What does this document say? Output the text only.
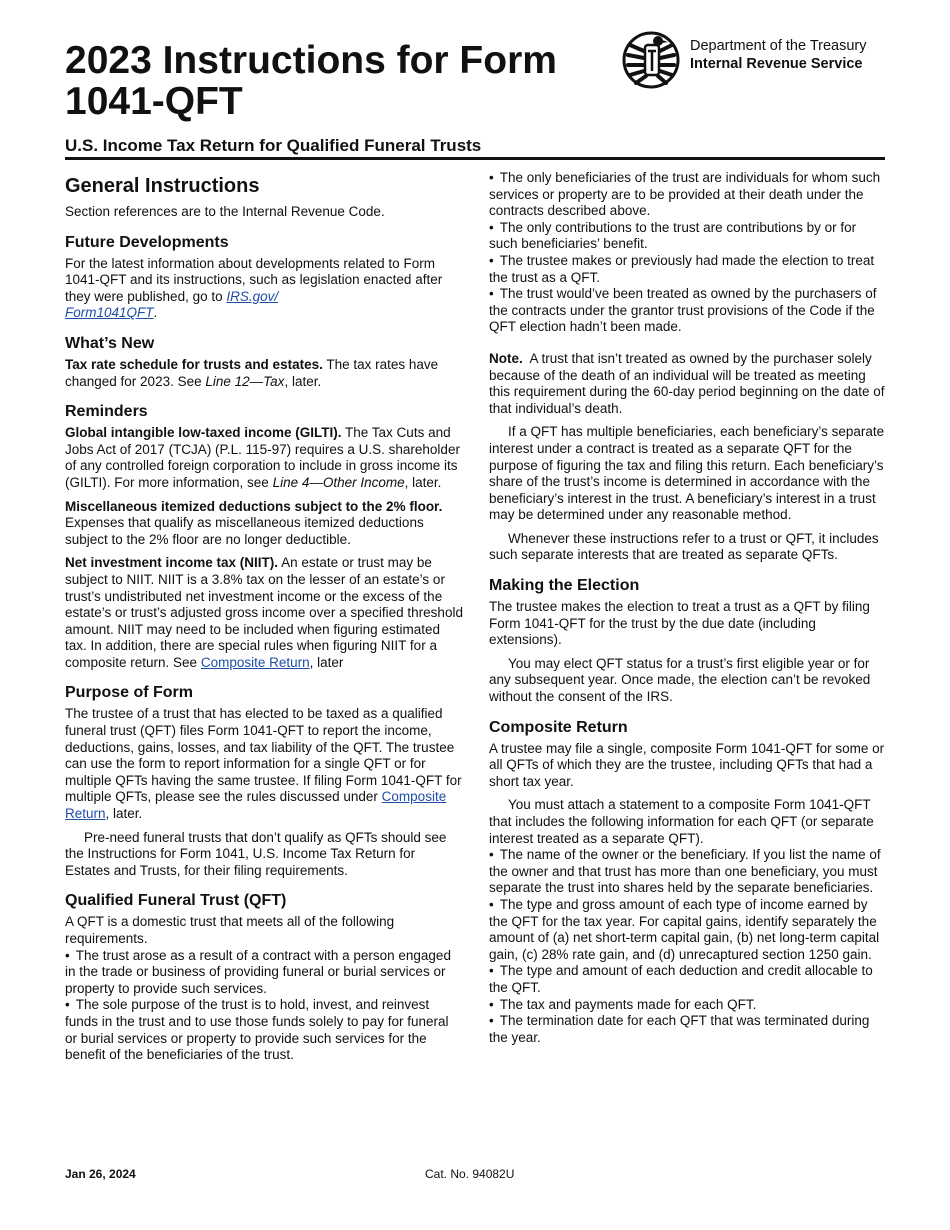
2023 Instructions for Form
1041-QFT
Department of the Treasury
Internal Revenue Service
U.S. Income Tax Return for Qualified Funeral Trusts
General Instructions

Section references are to the Internal Revenue Code.

Future Developments

For the latest information about developments related to Form 1041-QFT and its instructions, such as legislation enacted after they were published, go to IRS.gov/
Form1041QFT.

What’s New

Tax rate schedule for trusts and estates. The tax rates have changed for 2023. See Line 12—Tax, later.

Reminders

Global intangible low-taxed income (GILTI). The Tax Cuts and Jobs Act of 2017 (TCJA) (P.L. 115-97) requires a U.S. shareholder of any controlled foreign corporation to include in gross income its (GILTI). For more information, see Line 4—Other Income, later.

Miscellaneous itemized deductions subject to the 2% floor. Expenses that qualify as miscellaneous itemized deductions subject to the 2% floor are no longer deductible.

Net investment income tax (NIIT). An estate or trust may be subject to NIIT. NIIT is a 3.8% tax on the lesser of an estate’s or trust’s undistributed net investment income or the excess of the estate’s or trust’s adjusted gross income over a specified threshold amount. NIIT may need to be included when figuring estimated tax. In addition, there are special rules when figuring NIIT for a composite return. See Composite Return, later

Purpose of Form

The trustee of a trust that has elected to be taxed as a qualified funeral trust (QFT) files Form 1041-QFT to report the income, deductions, gains, losses, and tax liability of the QFT. The trustee can use the form to report information for a single QFT or for multiple QFTs having the same trustee. If filing Form 1041-QFT for multiple QFTs, please see the rules discussed under Composite Return, later.

Pre-need funeral trusts that don’t qualify as QFTs should see the Instructions for Form 1041, U.S. Income Tax Return for Estates and Trusts, for their filing requirements.

Qualified Funeral Trust (QFT)

A QFT is a domestic trust that meets all of the following requirements.

• The trust arose as a result of a contract with a person engaged in the trade or business of providing funeral or burial services or property to provide such services.

• The sole purpose of the trust is to hold, invest, and reinvest funds in the trust and to use those funds solely to pay for funeral or burial services or property to provide such services for the benefit of the beneficiaries of the trust.

• The only beneficiaries of the trust are individuals for whom such services or property are to be provided at their death under the contracts described above.

• The only contributions to the trust are contributions by or for such beneficiaries’ benefit.

• The trustee makes or previously had made the election to treat the trust as a QFT.

• The trust would’ve been treated as owned by the purchasers of the contracts under the grantor trust provisions of the Code if the QFT election hadn’t been made.

Note. A trust that isn’t treated as owned by the purchaser solely because of the death of an individual will be treated as meeting this requirement during the 60-day period beginning on the date of that individual’s death.

If a QFT has multiple beneficiaries, each beneficiary’s separate interest under a contract is treated as a separate QFT for the purpose of figuring the tax and filing this return. Each beneficiary’s share of the trust’s income is determined in accordance with the beneficiary’s interest in the trust. A beneficiary’s interest in a trust may be determined under any reasonable method.

Whenever these instructions refer to a trust or QFT, it includes such separate interests that are treated as separate QFTs.

Making the Election

The trustee makes the election to treat a trust as a QFT by filing Form 1041-QFT for the trust by the due date (including extensions).

You may elect QFT status for a trust’s first eligible year or for any subsequent year. Once made, the election can’t be revoked without the consent of the IRS.

Composite Return

A trustee may file a single, composite Form 1041-QFT for some or all QFTs of which they are the trustee, including QFTs that had a short tax year.

You must attach a statement to a composite Form 1041-QFT that includes the following information for each QFT (or separate interest treated as a separate QFT).

• The name of the owner or the beneficiary. If you list the name of the owner and that trust has more than one beneficiary, you must separate the trust into shares held by the separate beneficiaries.

• The type and gross amount of each type of income earned by the QFT for the tax year. For capital gains, identify separately the amount of (a) net short-term capital gain, (b) net long-term capital gain, (c) 28% rate gain, and (d) unrecaptured section 1250 gain.

• The type and amount of each deduction and credit allocable to the QFT.

• The tax and payments made for each QFT.

• The termination date for each QFT that was terminated during the year.

Jan 26, 2024	Cat. No. 94082U
